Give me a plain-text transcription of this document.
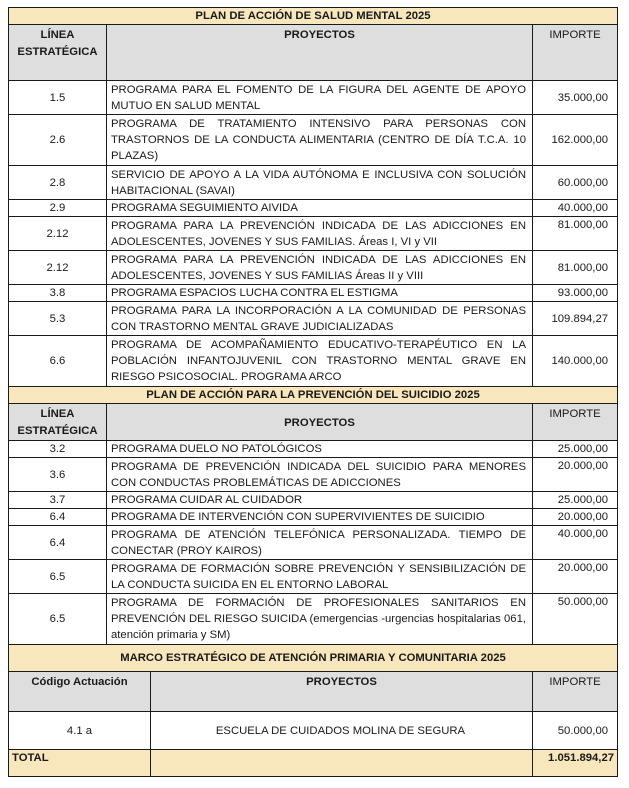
PLAN DE ACCIÓN DE SALUD MENTAL 2025		
LÍNEA ESTRATÉGICA	PROYECTOS	IMPORTE
1.5	PROGRAMA PARA EL FOMENTO DE LA FIGURA DEL AGENTE DE APOYO MUTUO EN SALUD MENTAL	35.000,00
2.6	PROGRAMA DE TRATAMIENTO INTENSIVO PARA PERSONAS CON TRASTORNOS DE LA CONDUCTA ALIMENTARIA (CENTRO DE DÍA T.C.A. 10 PLAZAS)	162.000,00
2.8	SERVICIO DE APOYO A LA VIDA AUTÓNOMA E INCLUSIVA CON SOLUCIÓN HABITACIONAL (SAVAI)	60.000,00
2.9	PROGRAMA SEGUIMIENTO AIVIDA	40.000,00
2.12	PROGRAMA PARA LA PREVENCIÓN INDICADA DE LAS ADICCIONES EN ADOLESCENTES, JOVENES Y SUS FAMILIAS. Áreas I, VI y VII	81.000,00
2.12	PROGRAMA PARA LA PREVENCIÓN INDICADA DE LAS ADICCIONES EN ADOLESCENTES, JOVENES Y SUS FAMILIAS Áreas II y VIII	81.000,00
3.8	PROGRAMA ESPACIOS LUCHA CONTRA EL ESTIGMA	93.000,00
5.3	PROGRAMA PARA LA INCORPORACIÓN A LA COMUNIDAD DE PERSONAS CON TRASTORNO MENTAL GRAVE JUDICIALIZADAS	109.894,27
6.6	PROGRAMA DE ACOMPAÑAMIENTO EDUCATIVO-TERAPÉUTICO EN LA POBLACIÓN INFANTOJUVENIL CON TRASTORNO MENTAL GRAVE EN RIESGO PSICOSOCIAL. PROGRAMA ARCO	140.000,00
PLAN DE ACCIÓN PARA LA PREVENCIÓN DEL SUICIDIO 2025		
LÍNEA ESTRATÉGICA	PROYECTOS	IMPORTE
3.2	PROGRAMA DUELO NO PATOLÓGICOS	25.000,00
3.6	PROGRAMA DE PREVENCIÓN INDICADA DEL SUICIDIO PARA MENORES CON CONDUCTAS PROBLEMÁTICAS DE ADICCIONES	20.000,00
3.7	PROGRAMA CUIDAR AL CUIDADOR	25.000,00
6.4	PROGRAMA DE INTERVENCIÓN CON SUPERVIVIENTES DE SUICIDIO	20.000,00
6.4	PROGRAMA DE ATENCIÓN TELEFÓNICA PERSONALIZADA. TIEMPO DE CONECTAR (PROY KAIROS)	40.000,00
6.5	PROGRAMA DE FORMACIÓN SOBRE PREVENCIÓN Y SENSIBILIZACIÓN DE LA CONDUCTA SUICIDA EN EL ENTORNO LABORAL	20.000,00
6.5	PROGRAMA DE FORMACIÓN DE PROFESIONALES SANITARIOS EN PREVENCIÓN DEL RIESGO SUICIDA (emergencias -urgencias hospitalarias 061, atención primaria y SM)	50.000,00
MARCO ESTRATÉGICO DE ATENCIÓN PRIMARIA Y COMUNITARIA 2025		
Código Actuación	PROYECTOS	IMPORTE
4.1 a	ESCUELA DE CUIDADOS MOLINA DE SEGURA	50.000,00
TOTAL		1.051.894,27
